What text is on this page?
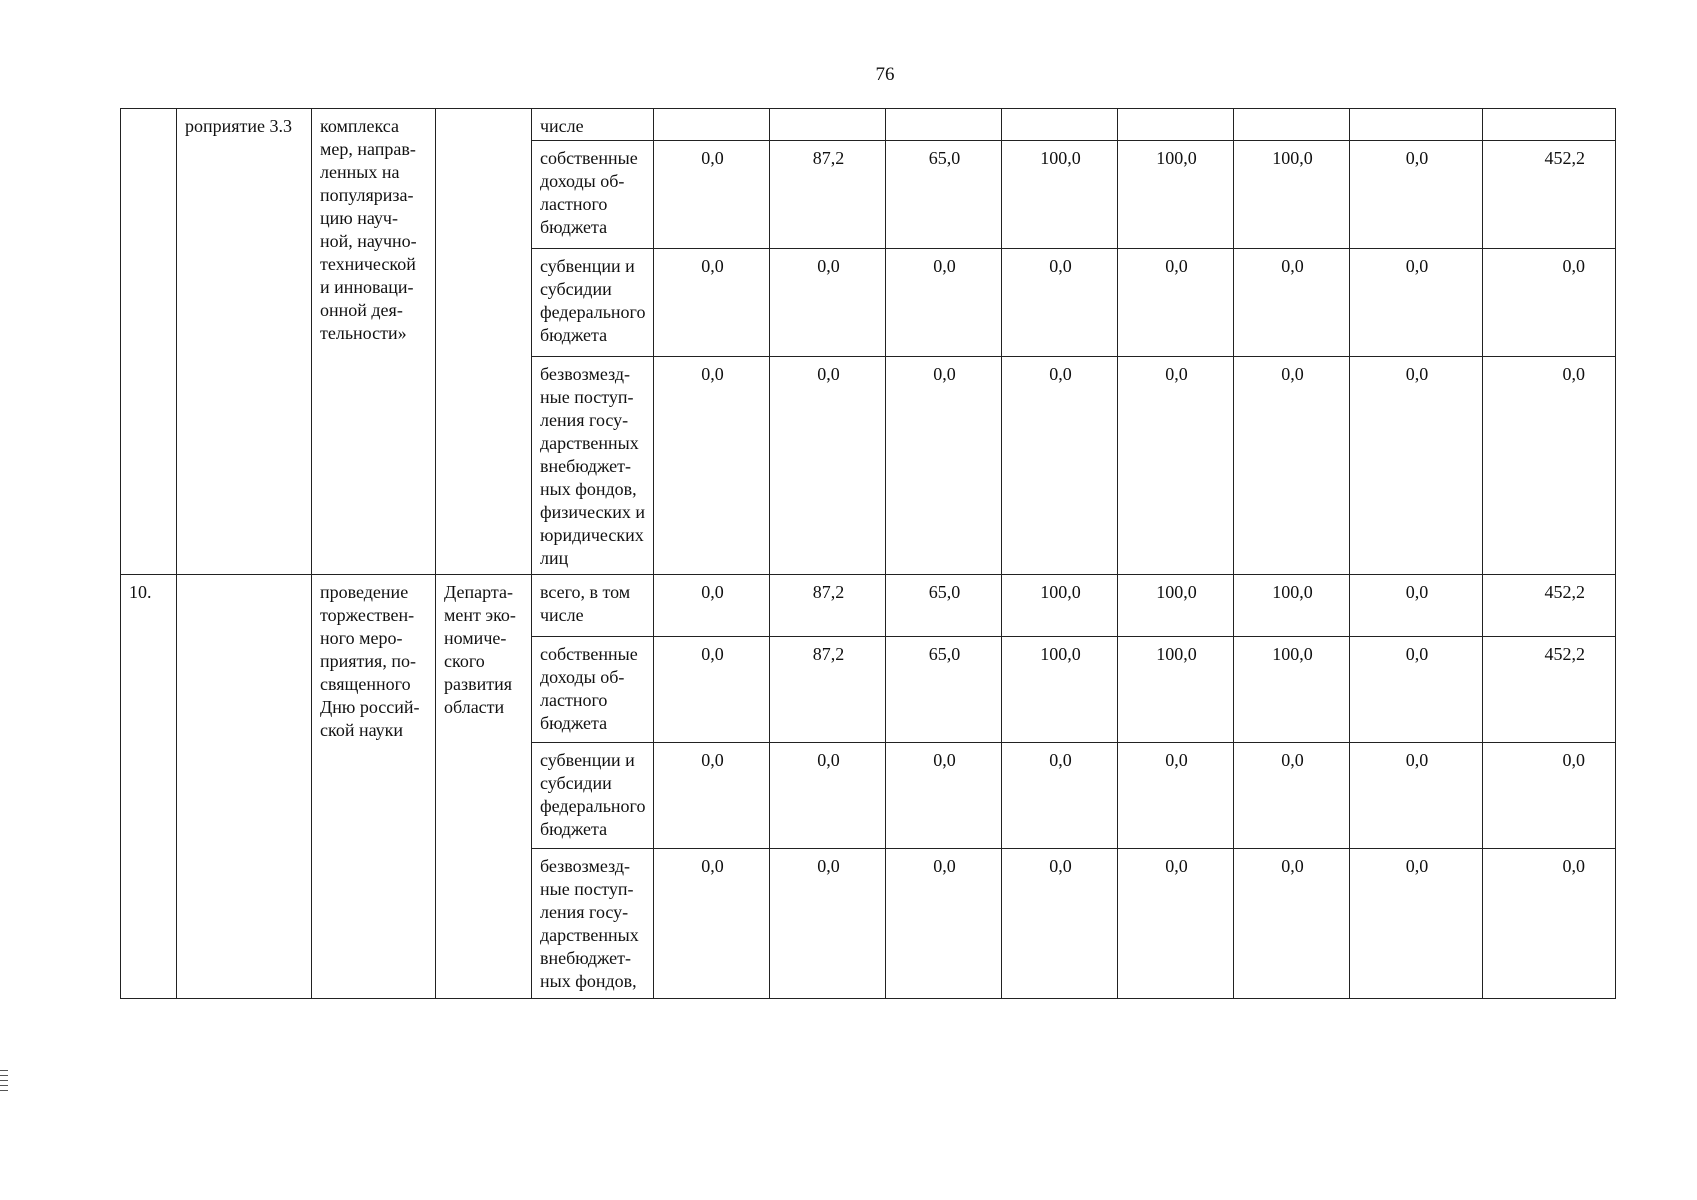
76
	роприятие 3.3	комплекса мер, направ-ленных на популяриза-цию науч-ной, научно-технической и инноваци-онной дея-тельности»		числе								
				собственные доходы об-ластного бюджета	0,0	87,2	65,0	100,0	100,0	100,0	0,0	452,2
				субвенции и субсидии федерального бюджета	0,0	0,0	0,0	0,0	0,0	0,0	0,0	0,0
				безвозмезд-ные поступ-ления госу-дарственных внебюджет-ных фондов, физических и юридических лиц	0,0	0,0	0,0	0,0	0,0	0,0	0,0	0,0
10.		проведение торжествен-ного меро-приятия, по-священного Дню россий-ской науки	Департа-мент эко-номиче-ского развития области	всего, в том числе	0,0	87,2	65,0	100,0	100,0	100,0	0,0	452,2
				собственные доходы об-ластного бюджета	0,0	87,2	65,0	100,0	100,0	100,0	0,0	452,2
				субвенции и субсидии федерального бюджета	0,0	0,0	0,0	0,0	0,0	0,0	0,0	0,0
				безвозмезд-ные поступ-ления госу-дарственных внебюджет-ных фондов,	0,0	0,0	0,0	0,0	0,0	0,0	0,0	0,0
